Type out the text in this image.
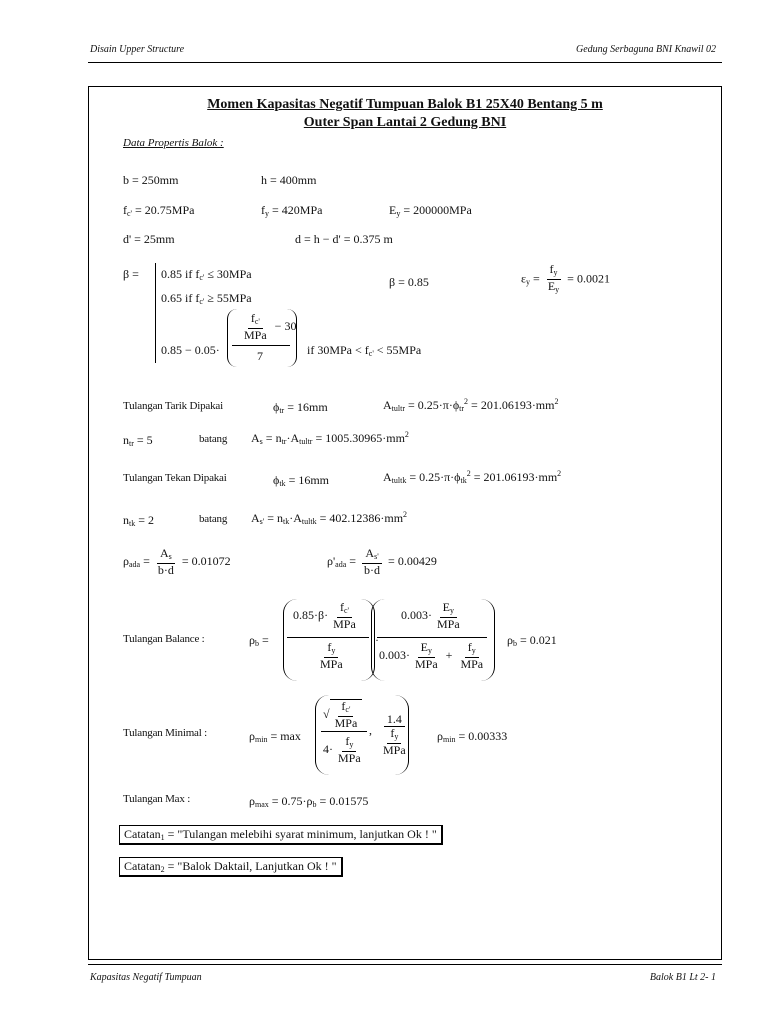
Disain Upper Structure	Gedung Serbaguna BNI Knawil 02
Momen Kapasitas Negatif Tumpuan Balok B1 25X40 Bentang 5 m
Outer Span Lantai 2 Gedung BNI
Data Propertis Balok :
b = 250mm	h = 400mm
$f_{c'} = 20.75MPa$	$f_y = 420MPa$	$E_y = 200000MPa$
d' = 25mm	d = h − d' = 0.375 m
β = 0.85 if $f_{c'} \le 30MPa$
0.65 if $f_{c'} \ge 55MPa$
0.85 − 0.05·
$\frac{f_{c'}}{\text{MPa}} - 30$
7	if $30MPa < f_{c'} < 55MPa$
β = 0.85	$\varepsilon_y = \frac{f_y}{E_y} = 0.0021$
Tulangan Tarik Dipakai	$\phi_{tr} = 16mm$	$A_{tultr} = 0.25\cdot\pi\cdot\phi_{tr}^2 = 201.06193\cdot mm^2$
$n_{tr} = 5$	batang $A_s = n_{tr}\cdot A_{tultr} = 1005.30965\cdot mm^2$
Tulangan Tekan Dipakai	$\phi_{tk} = 16mm$	$A_{tultk} = 0.25\cdot\pi\cdot\phi_{tk}^2 = 201.06193\cdot mm^2$
$n_{tk} = 2$	batang $A_{s'} = n_{tk}\cdot A_{tultk} = 402.12386\cdot mm^2$
$\rho_{ada} = \frac{A_s}{b\cdot d} = 0.01072$	$\rho'_{ada} = \frac{A_{s'}}{b\cdot d} = 0.00429$
Tulangan Balance :	$\rho_b$ =
$0.85\cdot\beta\cdot \frac{f_{c'}}{\text{MPa}}$
$\frac{f_y}{\text{MPa}}$
·
$0.003\cdot \frac{E_y}{\text{MPa}}$
$0.003\cdot \frac{E_y}{\text{MPa}} + \frac{f_y}{\text{MPa}}$
$\rho_b = 0.021$
Tulangan Minimal :	$\rho_{min} = \max$
√ $\frac{f_{c'}}{\text{MPa}}$
$4\cdot \frac{f_y}{\text{MPa}}$
, $\frac{1.4}{\frac{f_y}{\text{MPa}}} \rho_{min} = 0.00333$
Tulangan Max :	$\rho_{max} = 0.75\cdot\rho_b = 0.01575$
Catatan$_1$ = "Tulangan melebihi syarat minimum, lanjutkan Ok ! "
Catatan$_2$ = "Balok Daktail, Lanjutkan Ok ! "
Kapasitas Negatif Tumpuan	Balok B1 Lt 2- 1
